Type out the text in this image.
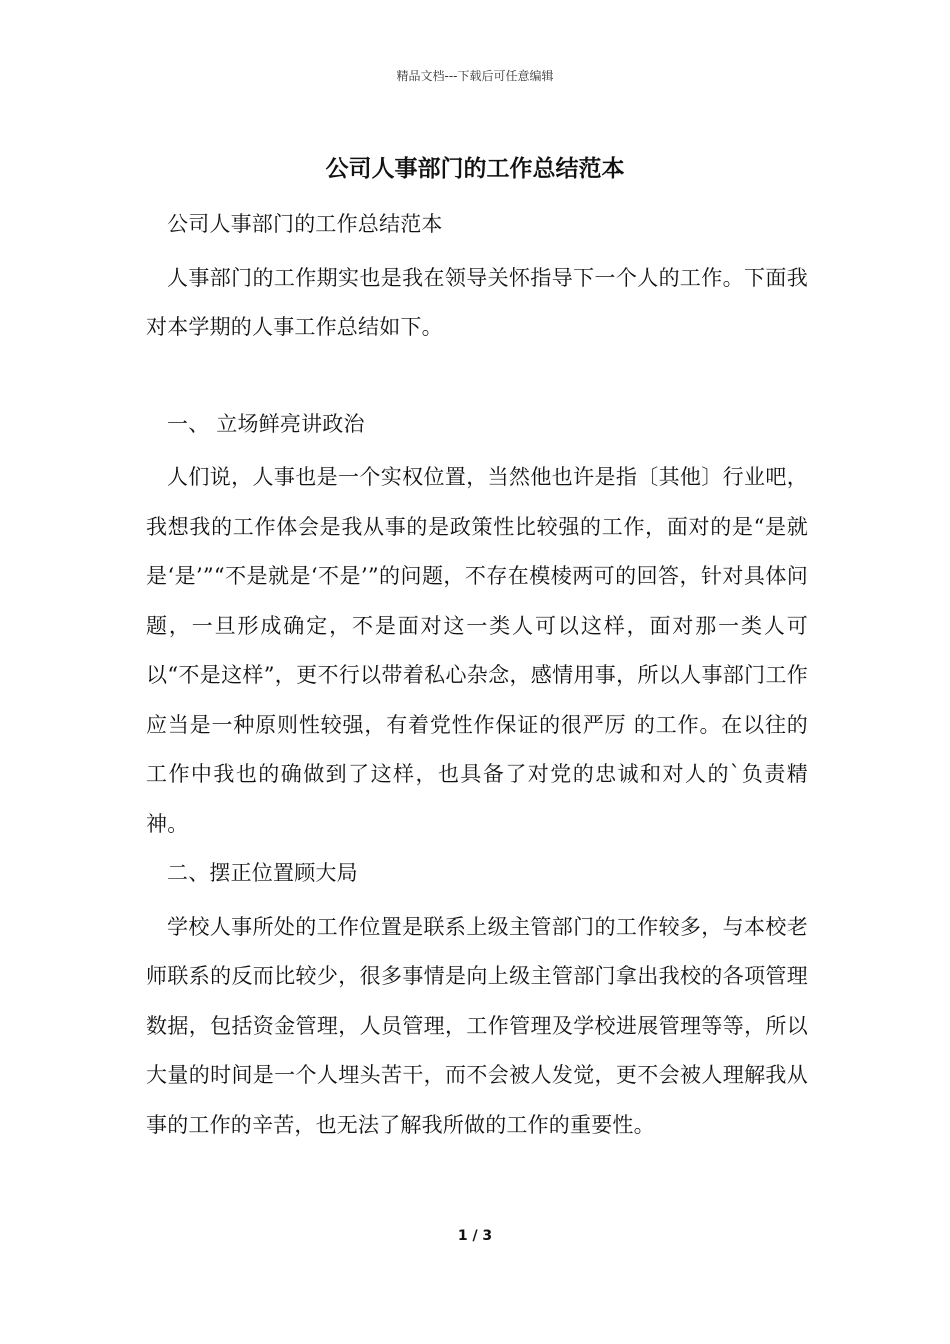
精品文档---下载后可任意编辑
公司人事部门的工作总结范本

公司人事部门的工作总结范本

人事部门的工作期实也是我在领导关怀指导下一个人的工作。下面我对本学期的人事工作总结如下。

一、 立场鲜亮讲政治

人们说，人事也是一个实权位置，当然他也许是指〔其他〕行业吧，我想我的工作体会是我从事的是政策性比较强的工作，面对的是“是就是‘是’”“不是就是‘不是’”的问题，不存在模棱两可的回答，针对具体问题，一旦形成确定，不是面对这一类人可以这样，面对那一类人可以“不是这样”，更不行以带着私心杂念，感情用事，所以人事部门工作应当是一种原则性较强，有着党性作保证的很严厉 的工作。在以往的工作中我也的确做到了这样，也具备了对党的忠诚和对人的`负责精神。

二、摆正位置顾大局

学校人事所处的工作位置是联系上级主管部门的工作较多，与本校老师联系的反而比较少，很多事情是向上级主管部门拿出我校的各项管理数据，包括资金管理，人员管理，工作管理及学校进展管理等等，所以大量的时间是一个人埋头苦干，而不会被人发觉，更不会被人理解我从事的工作的辛苦，也无法了解我所做的工作的重要性。

1 / 3
